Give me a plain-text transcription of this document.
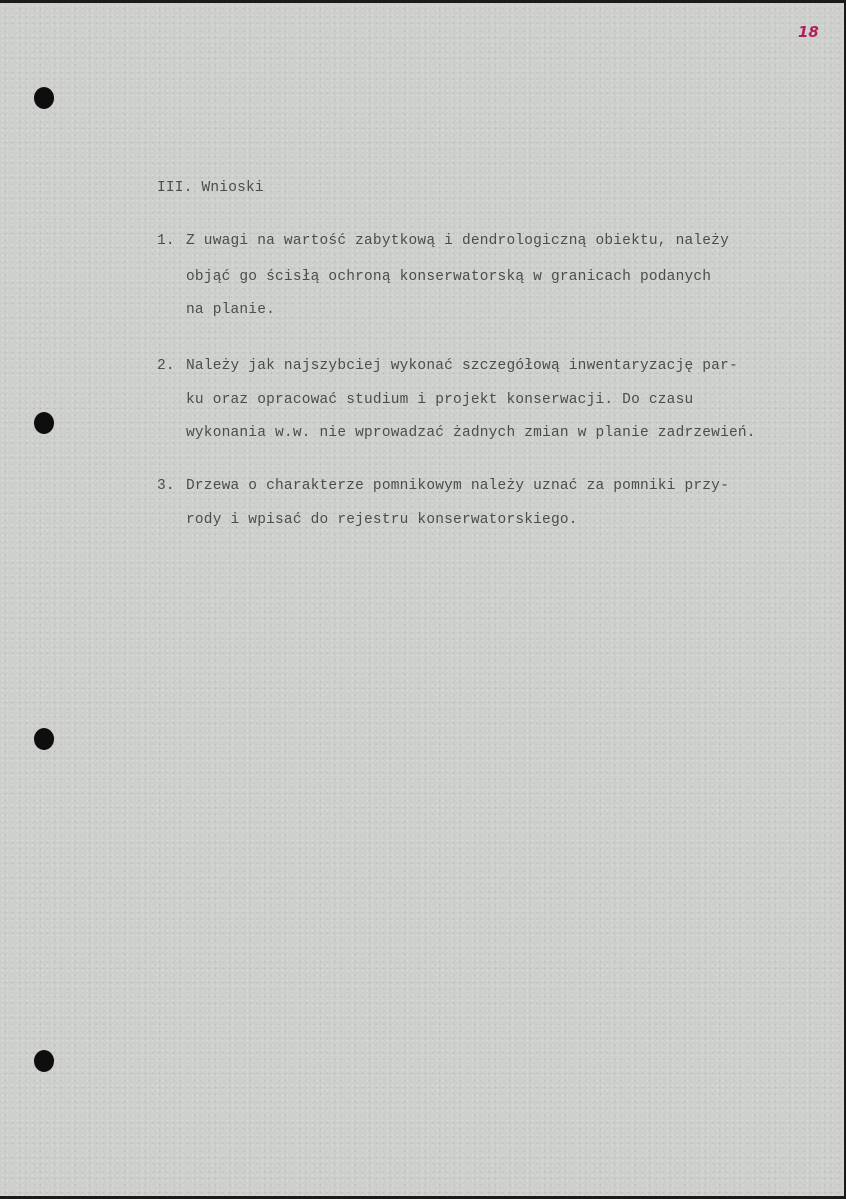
18
III. Wnioski
1. Z uwagi na wartość zabytkową i dendrologiczną obiektu, należy
objąć go ścisłą ochroną konserwatorską w granicach podanych
na planie.
2. Należy jak najszybciej wykonać szczegółową inwentaryzację par-
ku oraz opracować studium i projekt konserwacji. Do czasu
wykonania w.w. nie wprowadzać żadnych zmian w planie zadrzewień.
3. Drzewa o charakterze pomnikowym należy uznać za pomniki przy-
rody i wpisać do rejestru konserwatorskiego.
